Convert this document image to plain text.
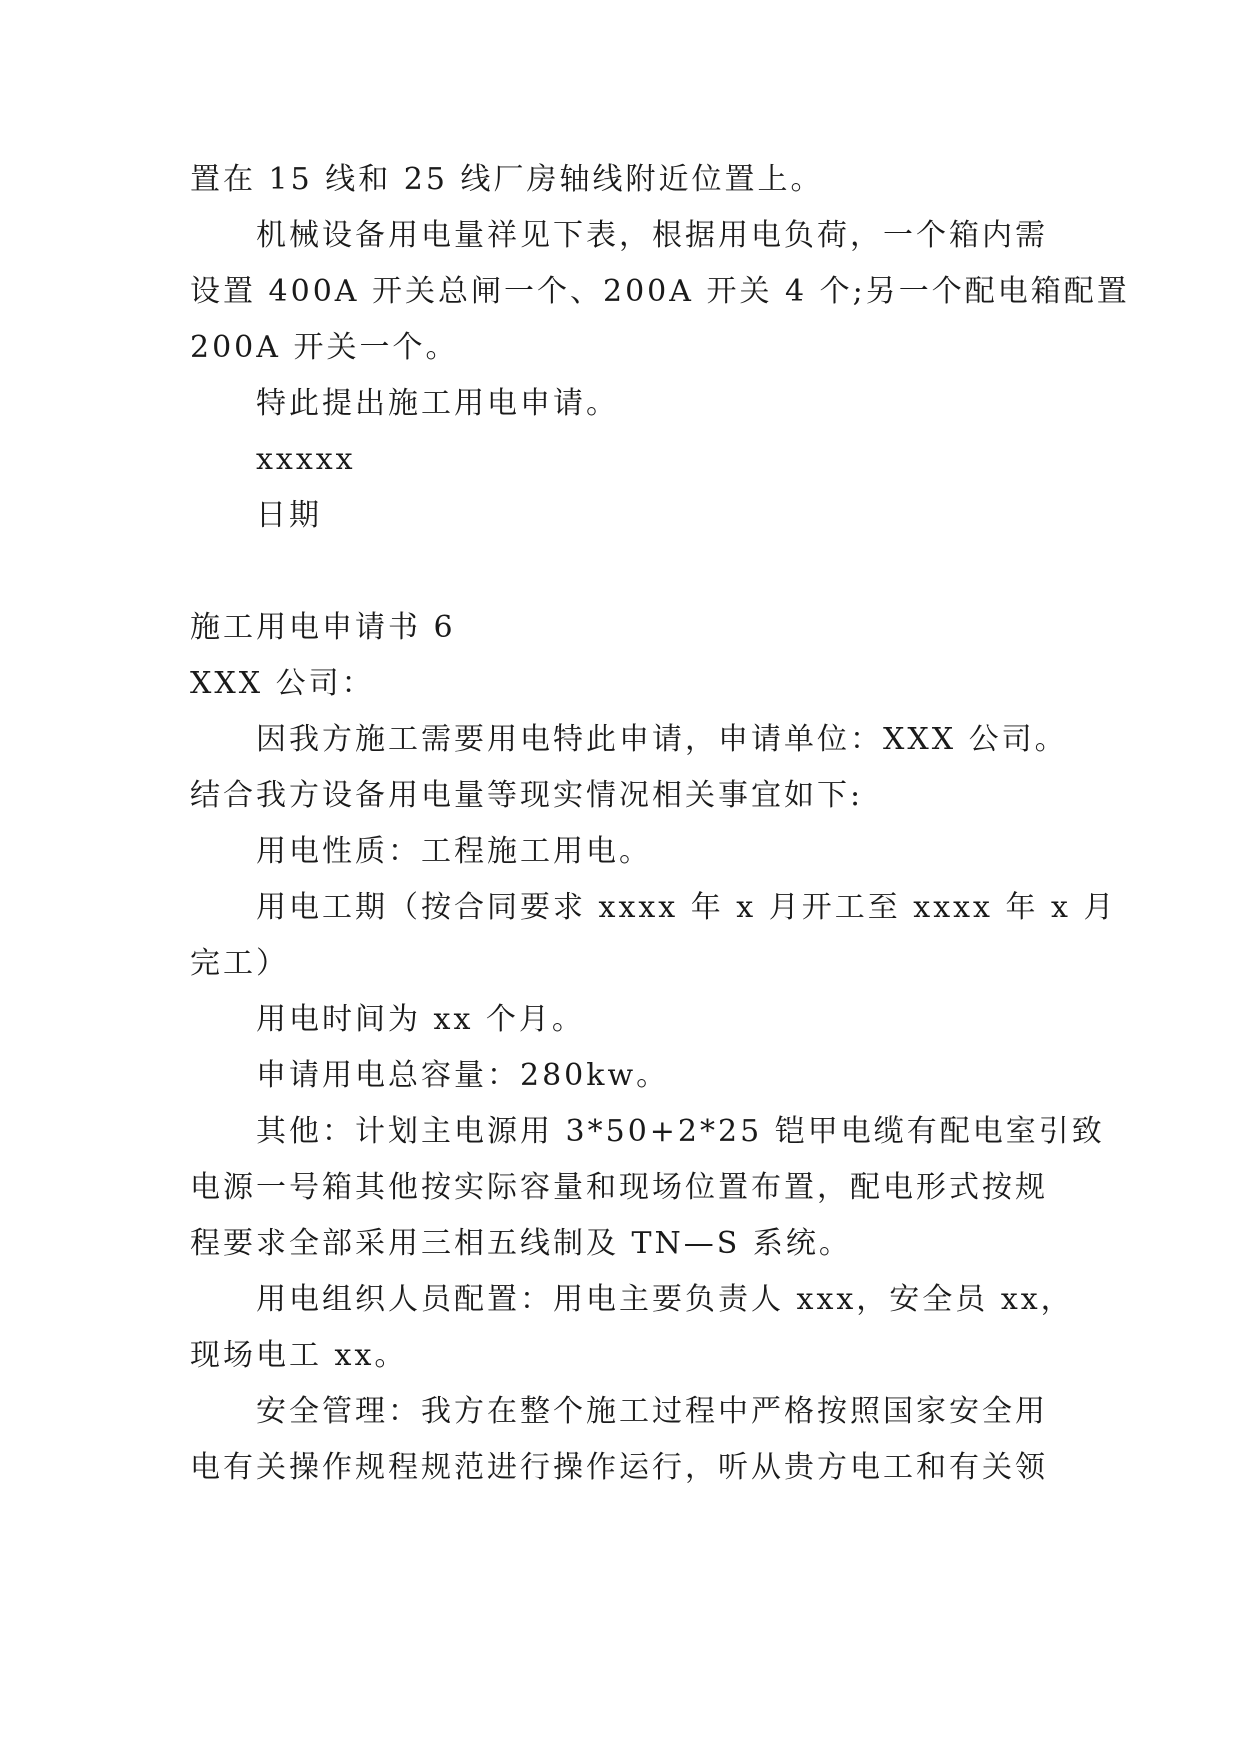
置在 15 线和 25 线厂房轴线附近位置上。
机械设备用电量祥见下表，根据用电负荷，一个箱内需
设置 400A 开关总闸一个、200A 开关 4 个;另一个配电箱配置
200A 开关一个。
特此提出施工用电申请。
xxxxx
日期
施工用电申请书 6
XXX 公司：
因我方施工需要用电特此申请，申请单位：XXX 公司。
结合我方设备用电量等现实情况相关事宜如下:
用电性质：工程施工用电。
用电工期（按合同要求 xxxx 年 x 月开工至 xxxx 年 x 月
完工）
用电时间为 xx 个月。
申请用电总容量：280kw。
其他：计划主电源用 3*50+2*25 铠甲电缆有配电室引致
电源一号箱其他按实际容量和现场位置布置，配电形式按规
程要求全部采用三相五线制及 TN—S 系统。
用电组织人员配置：用电主要负责人 xxx，安全员 xx，
现场电工 xx。
安全管理：我方在整个施工过程中严格按照国家安全用
电有关操作规程规范进行操作运行，听从贵方电工和有关领
